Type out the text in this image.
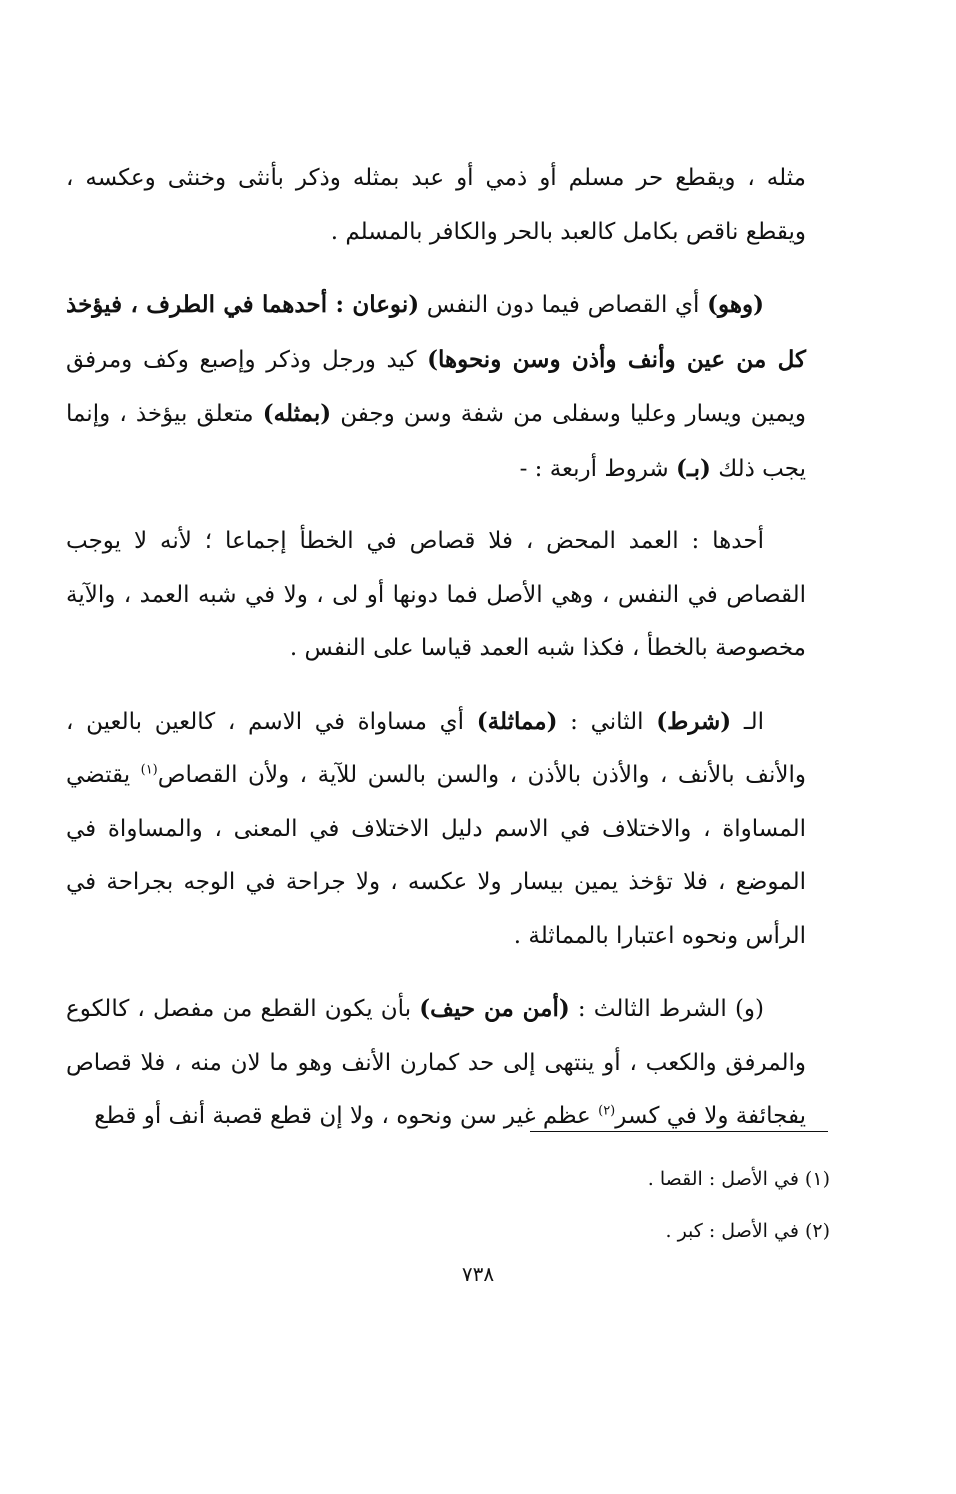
مثله ، ويقطع حر مسلم أو ذمي أو عبد بمثله وذكر بأنثى وخنثى وعكسه ، ويقطع ناقص بكامل كالعبد بالحر والكافر بالمسلم .

(وهو) أي القصاص فيما دون النفس (نوعان : أحدهما في الطرف ، فيؤخذ كل من عين وأنف وأذن وسن ونحوها) كيد ورجل وذكر وإصبع وكف ومرفق ويمين ويسار وعليا وسفلى من شفة وسن وجفن (بمثله) متعلق بيؤخذ ، وإنما يجب ذلك (بـ) شروط أربعة : -

أحدها : العمد المحض ، فلا قصاص في الخطأ إجماعا ؛ لأنه لا يوجب القصاص في النفس ، وهي الأصل فما دونها أو لى ، ولا في شبه العمد ، والآية مخصوصة بالخطأ ، فكذا شبه العمد قياسا على النفس .

الـ (شرط) الثاني : (مماثلة) أي مساواة في الاسم ، كالعين بالعين ، والأنف بالأنف ، والأذن بالأذن ، والسن بالسن للآية ، ولأن القصاص$^{(١)}$ يقتضي المساواة ، والاختلاف في الاسم دليل الاختلاف في المعنى ، والمساواة في الموضع ، فلا تؤخذ يمين بيسار ولا عكسه ، ولا جراحة في الوجه بجراحة في الرأس ونحوه اعتبارا بالمماثلة .

(و) الشرط الثالث : (أمن من حيف) بأن يكون القطع من مفصل ، كالكوع والمرفق والكعب ، أو ينتهى إلى حد كمارن الأنف وهو ما لان منه ، فلا قصاص يفجائفة ولا في كسر$^{(٢)}$ عظم غير سن ونحوه ، ولا إن قطع قصبة أنف أو قطع

(١) في الأصل : القصا .

(٢) في الأصل : كبر .

٧٣٨
